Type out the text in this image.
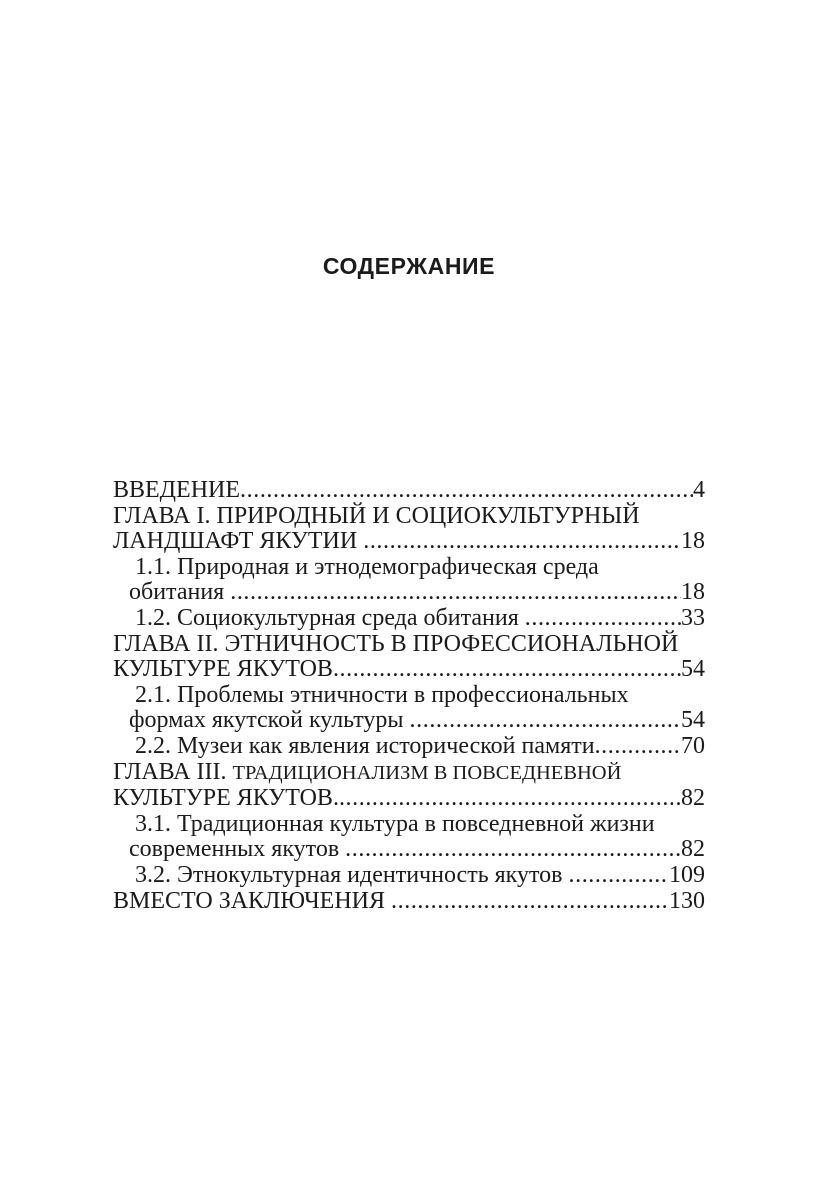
СОДЕРЖАНИЕ
ВВЕДЕНИЕ .....	4
ГЛАВА I. ПРИРОДНЫЙ И СОЦИОКУЛЬТУРНЫЙ
ЛАНДШАФТ ЯКУТИИ .....	18
1.1. Природная и этнодемографическая среда
обитания .....	18
1.2. Социокультурная среда обитания .....	33
ГЛАВА II. ЭТНИЧНОСТЬ В ПРОФЕССИОНАЛЬНОЙ
КУЛЬТУРЕ ЯКУТОВ .....	54
2.1. Проблемы этничности в профессиональных
формах якутской культуры .....	54
2.2. Музеи как явления исторической памяти .....	70
ГЛАВА III. ТРАДИЦИОНАЛИЗМ В ПОВСЕДНЕВНОЙ
КУЛЬТУРЕ ЯКУТОВ. .....	82
3.1. Традиционная культура в повседневной жизни
современных якутов .....	82
3.2. Этнокультурная идентичность якутов .....	109
ВМЕСТО ЗАКЛЮЧЕНИЯ .....	130
